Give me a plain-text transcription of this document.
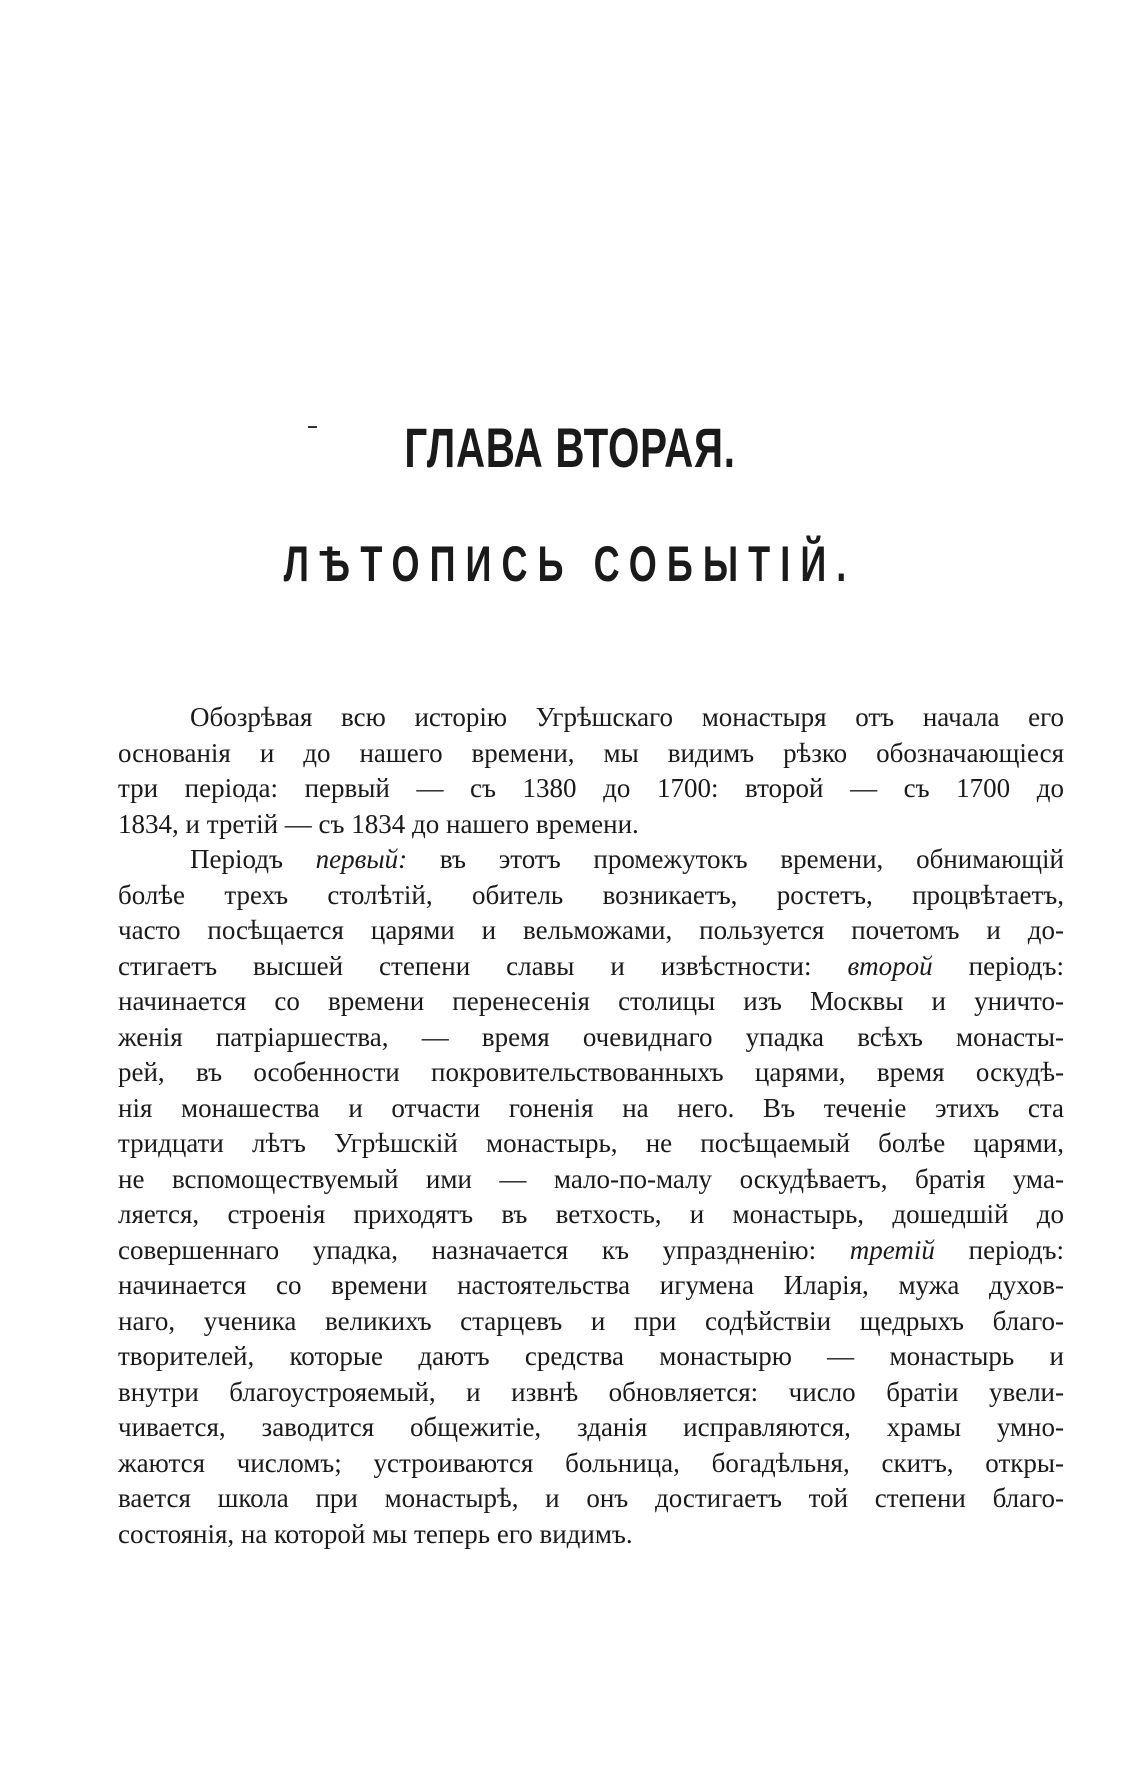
ГЛАВА ВТОРАЯ.
ЛѢТОПИСЬ СОБЫТІЙ.
Обозрѣвая всю исторію Угрѣшскаго монастыря отъ начала его
основанія и до нашего времени, мы видимъ рѣзко обозначающіеся
три періода: первый — съ 1380 до 1700: второй — съ 1700 до
1834, и третій — съ 1834 до нашего времени.
Періодъ первый: въ этотъ промежутокъ времени, обнимающій
болѣе трехъ столѣтій, обитель возникаетъ, ростетъ, процвѣтаетъ,
часто посѣщается царями и вельможами, пользуется почетомъ и до-
стигаетъ высшей степени славы и извѣстности: второй періодъ:
начинается со времени перенесенія столицы изъ Москвы и уничто-
женія патріаршества, — время очевиднаго упадка всѣхъ монасты-
рей, въ особенности покровительствованныхъ царями, время оскудѣ-
нія монашества и отчасти гоненія на него. Въ теченіе этихъ ста
тридцати лѣтъ Угрѣшскій монастырь, не посѣщаемый болѣе царями,
не вспомоществуемый ими — мало-по-малу оскудѣваетъ, братія умa-
ляется, строенія приходятъ въ ветхость, и монастырь, дошедшій до
совершеннаго упадка, назначается къ упраздненію: третій періодъ:
начинается со времени настоятельства игумена Иларія, мужа духов-
наго, ученика великихъ старцевъ и при содѣйствіи щедрыхъ благо-
творителей, которые даютъ средства монастырю — монастырь и
внутри благоустрояемый, и извнѣ обновляется: число братіи увели-
чивается, заводится общежитіе, зданія исправляются, храмы умно-
жаются числомъ; устроиваются больница, богадѣльня, скитъ, откры-
вается школа при монастырѣ, и онъ достигаетъ той степени благо-
состоянія, на которой мы теперь его видимъ.
